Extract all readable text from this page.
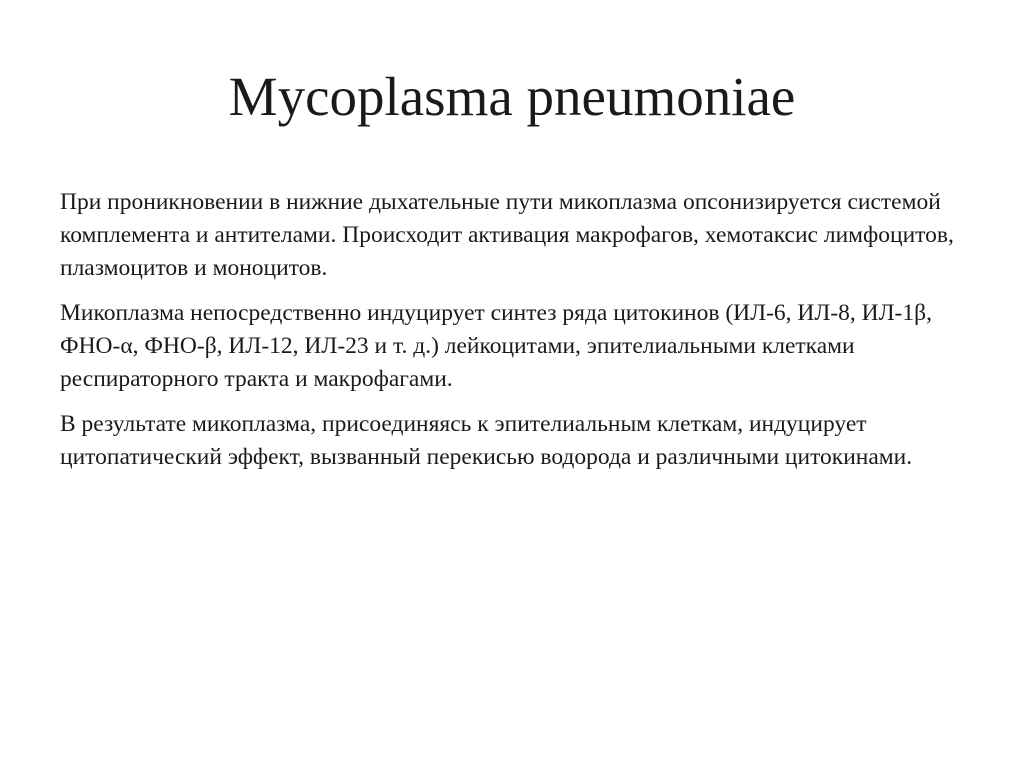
Mycoplasma pneumoniae

При проникновении в нижние дыхательные пути микоплазма опсонизируется системой комплемента и антителами. Происходит активация макрофагов, хемотаксис лимфоцитов, плазмоцитов и моноцитов.

Микоплазма непосредственно индуцирует синтез ряда цитокинов (ИЛ-6, ИЛ-8, ИЛ-1β, ФНО-α, ФНО-β, ИЛ-12, ИЛ-23 и т. д.) лейкоцитами, эпителиальными клетками респираторного тракта и макрофагами.

В результате микоплазма, присоединяясь к эпителиальным клеткам, индуцирует цитопатический эффект, вызванный перекисью водорода и различными цитокинами.
